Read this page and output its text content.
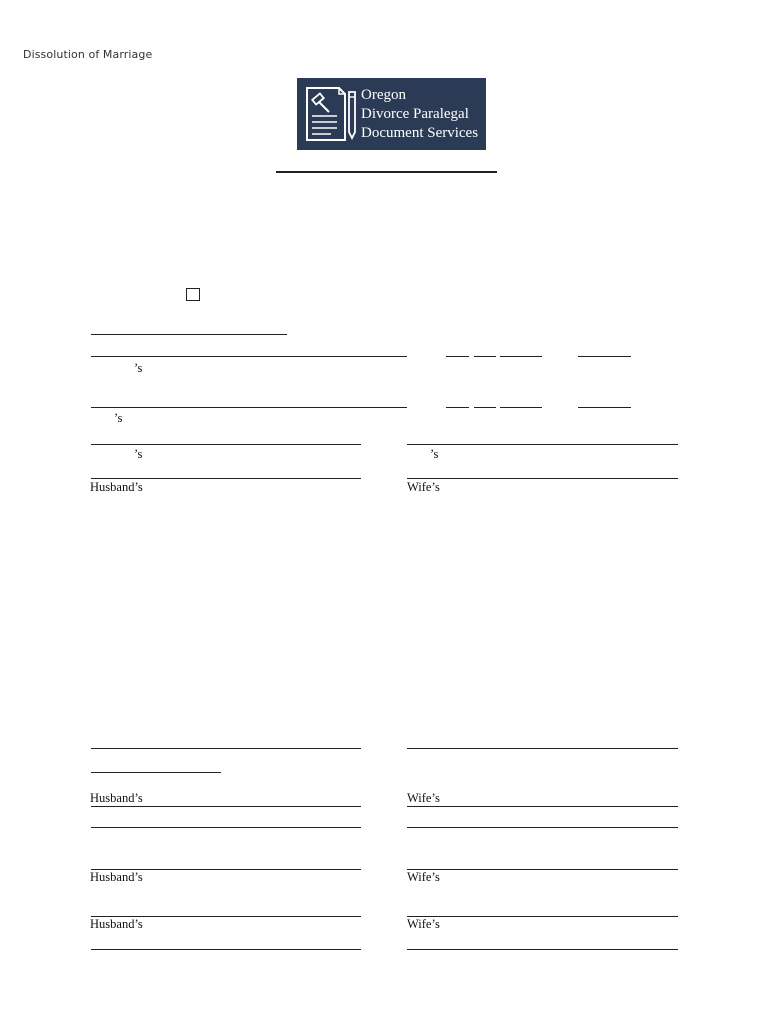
Dissolution of Marriage
Oregon
Divorce Paralegal
Document Services
’s
’s
’s	’s
Husband’s	Wife’s
Husband’s	Wife’s
Husband’s	Wife’s
Husband’s	Wife’s
